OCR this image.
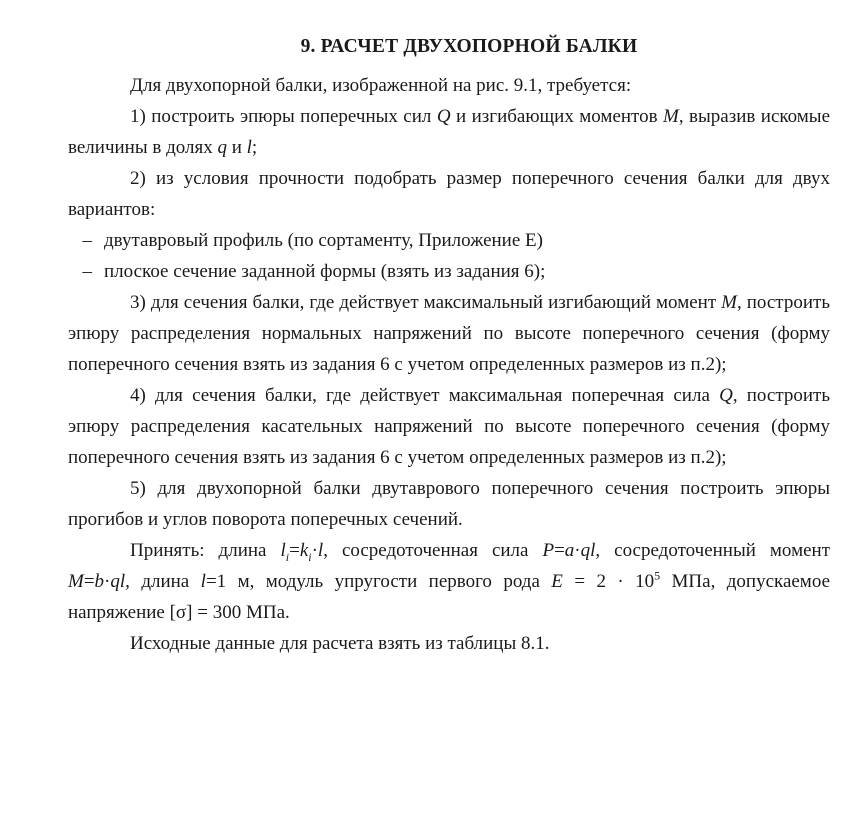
9. РАСЧЕТ ДВУХОПОРНОЙ БАЛКИ

Для двухопорной балки, изображенной на рис. 9.1, требуется:

1) построить эпюры поперечных сил Q и изгибающих моментов M, выразив искомые величины в долях q и l;

2) из условия прочности подобрать размер поперечного сечения балки для двух вариантов:

– двутавровый профиль (по сортаменту, Приложение Е)
– плоское сечение заданной формы (взять из задания 6);

3) для сечения балки, где действует максимальный изгибающий момент M, построить эпюру распределения нормальных напряжений по высоте поперечного сечения (форму поперечного сечения взять из задания 6 с учетом определенных размеров из п.2);

4) для сечения балки, где действует максимальная поперечная сила Q, построить эпюру распределения касательных напряжений по высоте поперечного сечения (форму поперечного сечения взять из задания 6 с учетом определенных размеров из п.2);

5) для двухопорной балки двутаврового поперечного сечения построить эпюры прогибов и углов поворота поперечных сечений.

Принять: длина $l_i=k_i\cdot l$, сосредоточенная сила P=a·ql, сосредоточенный момент M=b·ql, длина l=1 м, модуль упругости первого рода $E = 2 \cdot 10^5$ МПа, допускаемое напряжение [σ] = 300 МПа.

Исходные данные для расчета взять из таблицы 8.1.
